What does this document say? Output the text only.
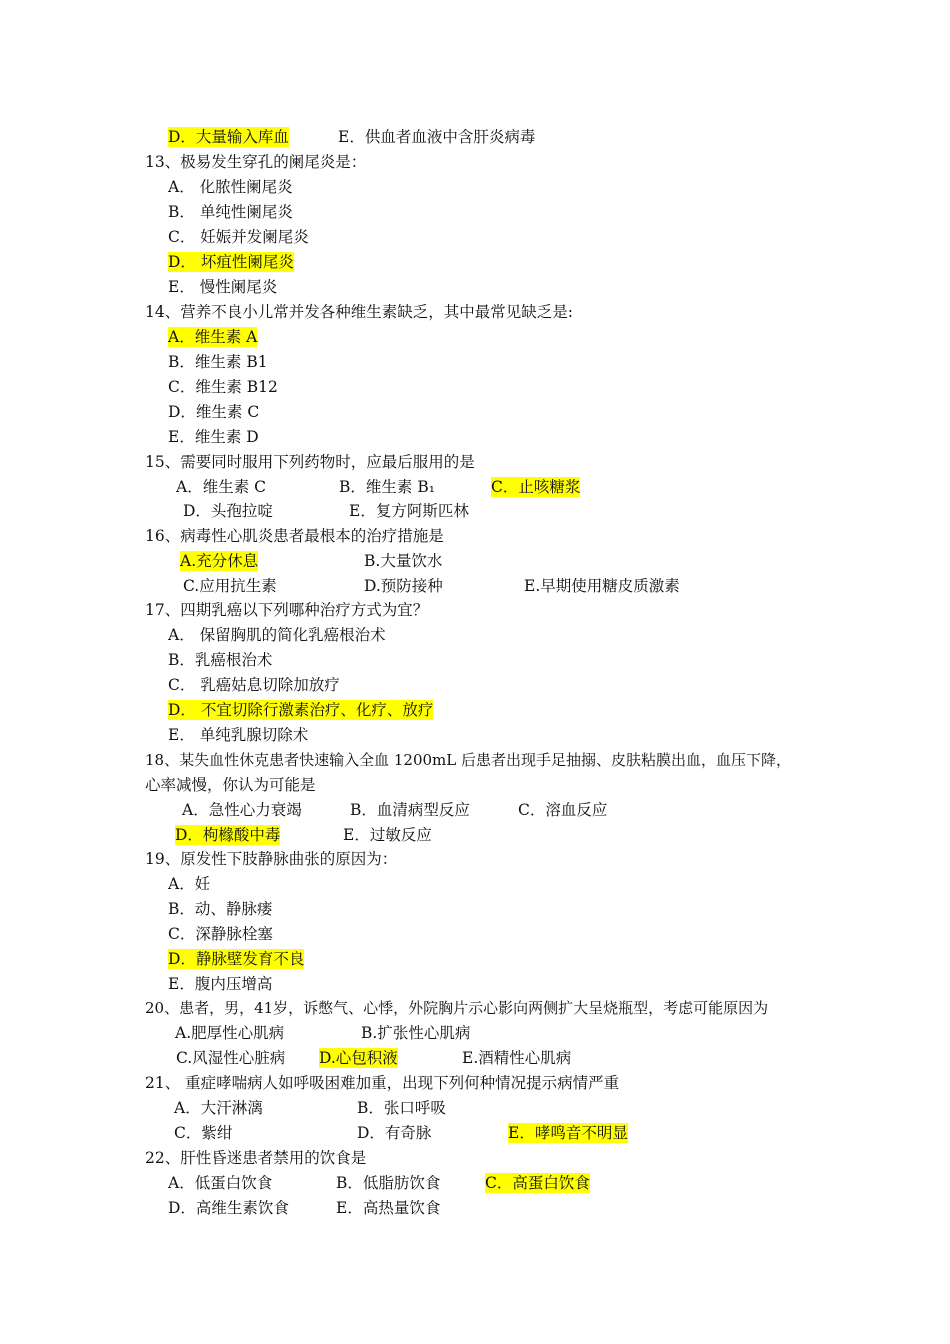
D．大量输入库血	E．供血者血液中含肝炎病毒
13、极易发生穿孔的阑尾炎是：
A． 化脓性阑尾炎
B． 单纯性阑尾炎
C． 妊娠并发阑尾炎
D． 坏疽性阑尾炎
E． 慢性阑尾炎
14、营养不良小儿常并发各种维生素缺乏，其中最常见缺乏是:
A．维生素 A
B．维生素 B1
C．维生素 B12
D．维生素 C
E．维生素 D
15、需要同时服用下列药物时，应最后服用的是
A．维生素 C	B．维生素 B₁	C．止咳糖浆
D．头孢拉啶	E．复方阿斯匹林
16、病毒性心肌炎患者最根本的治疗措施是
A.充分休息	B.大量饮水
C.应用抗生素	D.预防接种	E.早期使用糖皮质激素
17、四期乳癌以下列哪种治疗方式为宜？
A． 保留胸肌的简化乳癌根治术
B．乳癌根治术
C． 乳癌姑息切除加放疗
D． 不宜切除行激素治疗、化疗、放疗
E． 单纯乳腺切除术
18、某失血性休克患者快速输入全血 1200mL 后患者出现手足抽搦、皮肤粘膜出血，血压下降，
心率减慢，你认为可能是
A．急性心力衰竭	B．血清病型反应	C．溶血反应
D．枸橼酸中毒	E．过敏反应
19、原发性下肢静脉曲张的原因为：
A．妊
B．动、静脉瘘
C．深静脉栓塞
D．静脉壁发育不良
E．腹内压增高
20、患者，男，41岁，诉憋气、心悸，外院胸片示心影向两侧扩大呈烧瓶型，考虑可能原因为
A.肥厚性心肌病	B.扩张性心肌病
C.风湿性心脏病 D.心包积液	E.酒精性心肌病
21、 重症哮喘病人如呼吸困难加重，出现下列何种情况提示病情严重
A．大汗淋漓	B．张口呼吸
C．紫绀	D．有奇脉	E．哮鸣音不明显
22、肝性昏迷患者禁用的饮食是
A．低蛋白饮食	B．低脂肪饮食	C．高蛋白饮食
D．高维生素饮食	E．高热量饮食
